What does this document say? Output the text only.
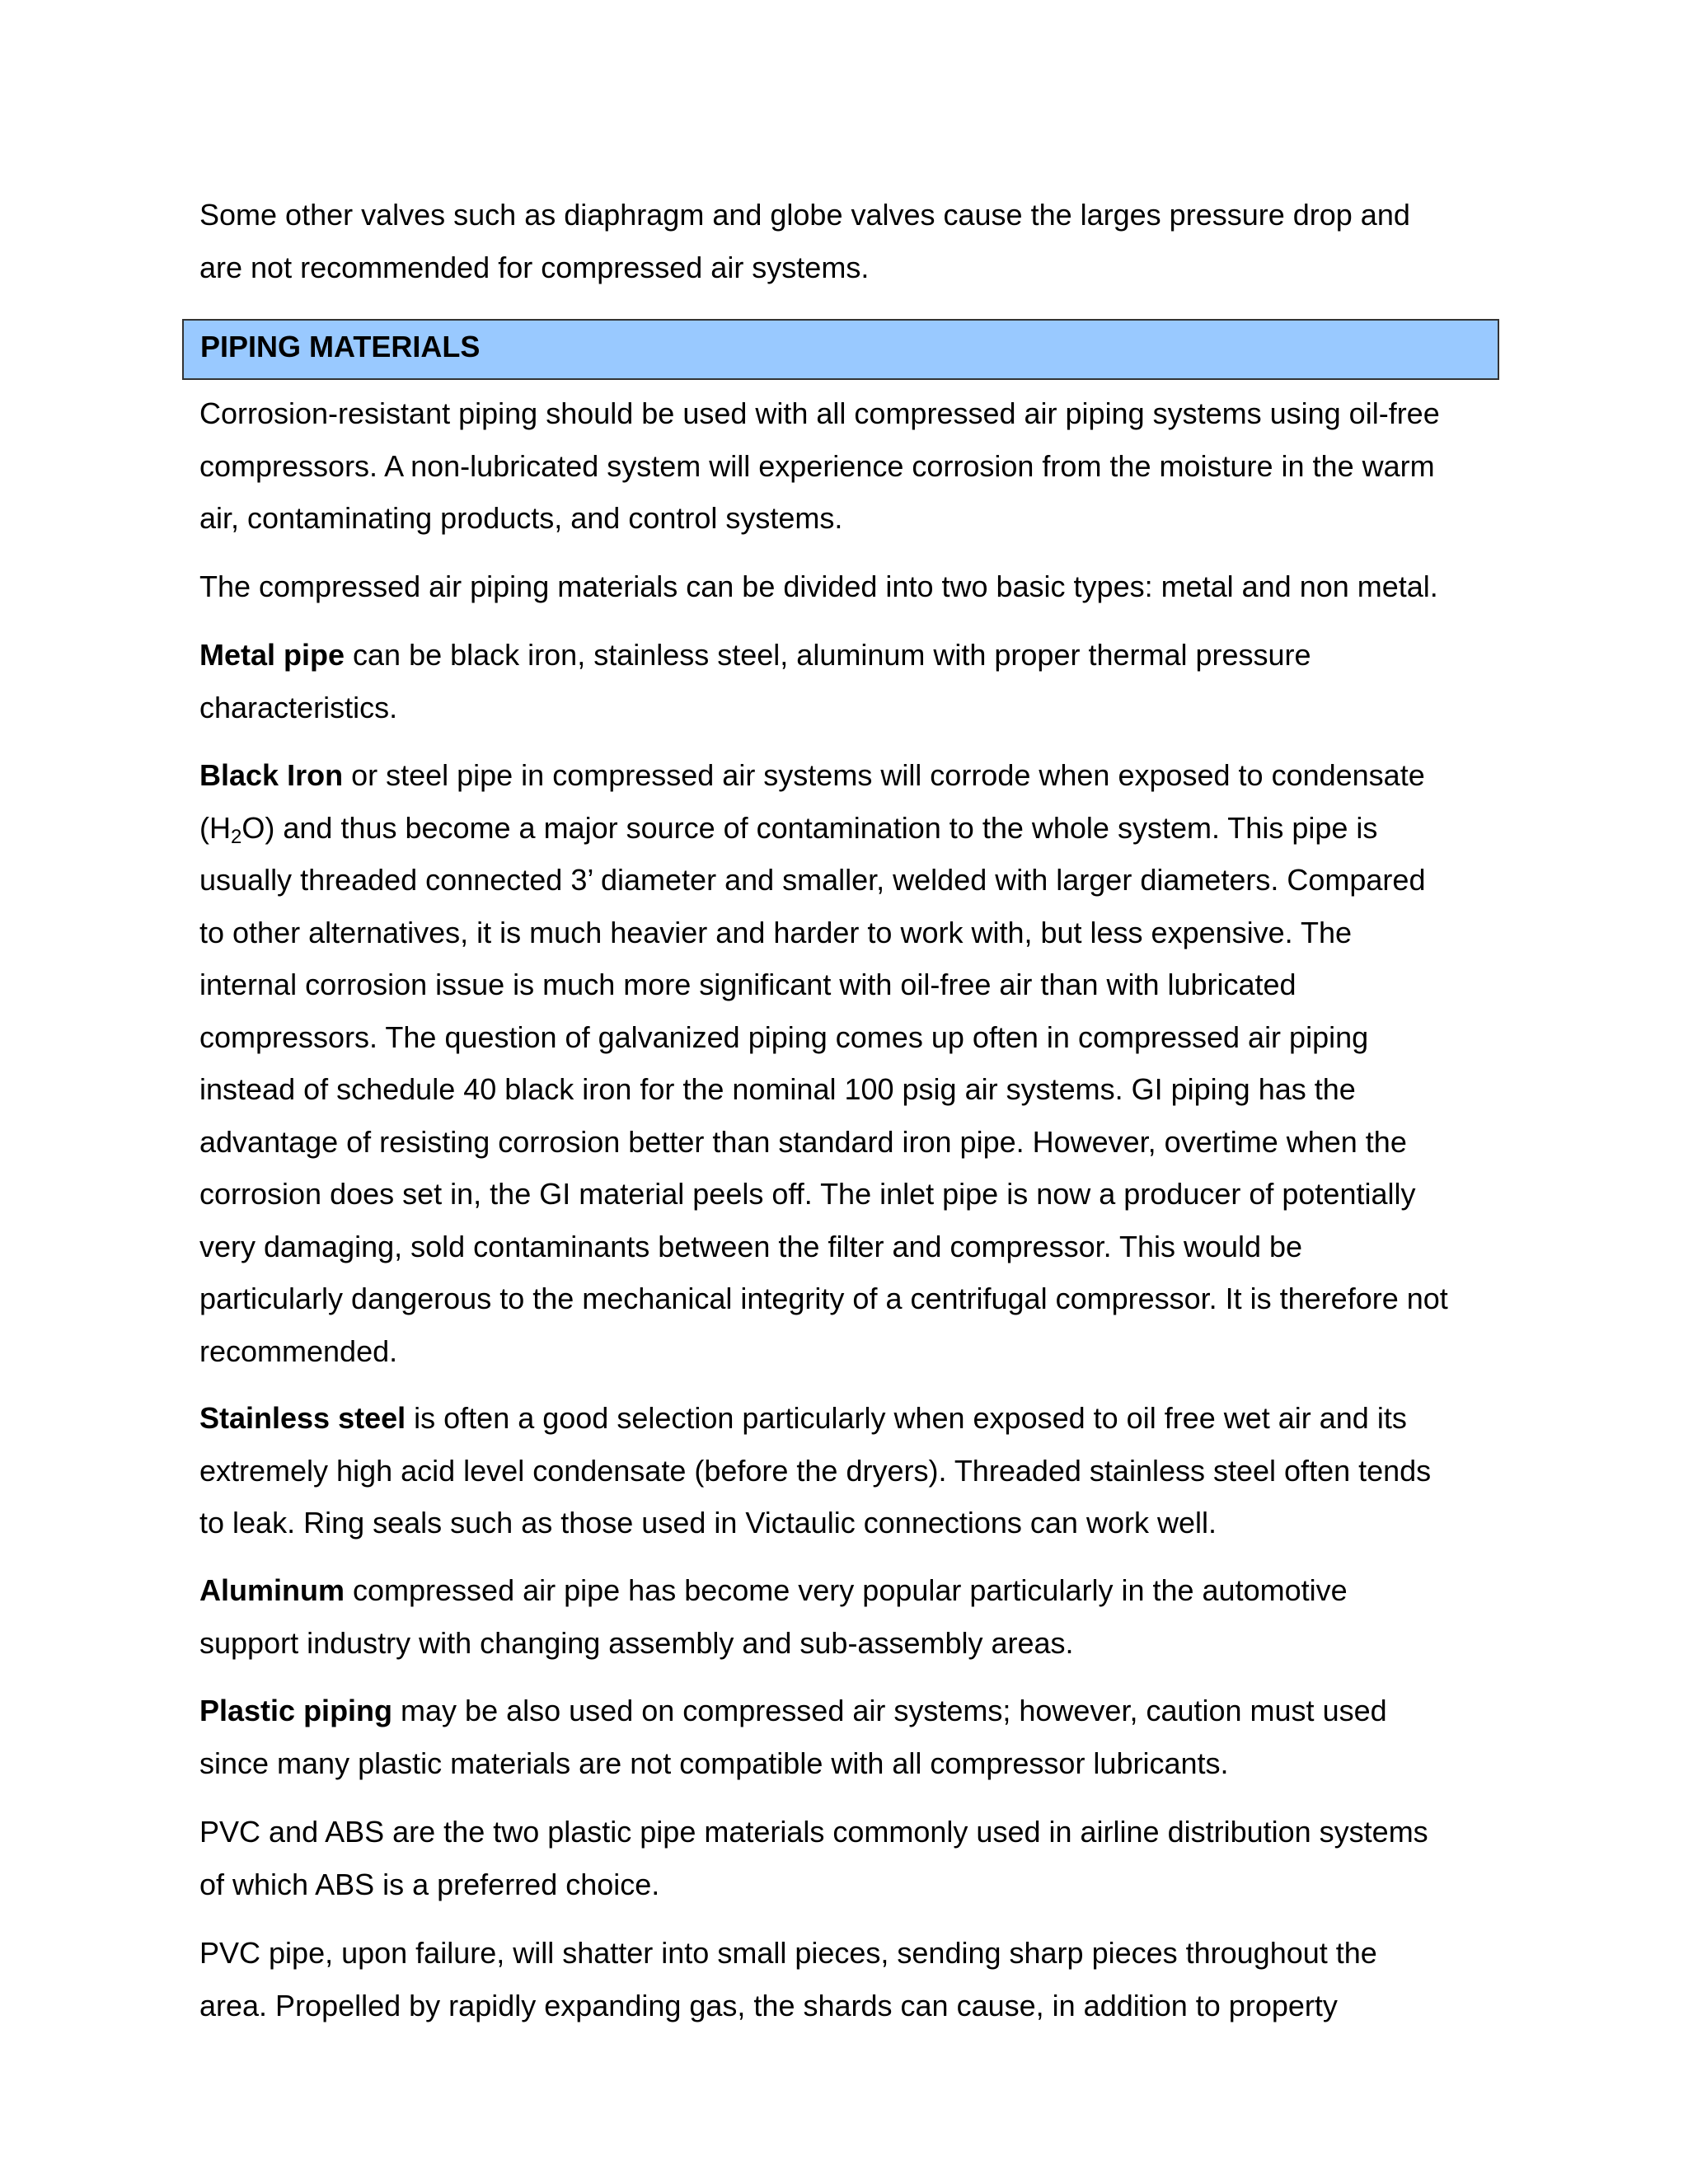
Some other valves such as diaphragm and globe valves cause the larges pressure drop and
are not recommended for compressed air systems.
PIPING MATERIALS
Corrosion-resistant piping should be used with all compressed air piping systems using oil-free
compressors. A non-lubricated system will experience corrosion from the moisture in the warm
air, contaminating products, and control systems.
The compressed air piping materials can be divided into two basic types: metal and non metal.
Metal pipe can be black iron, stainless steel, aluminum with proper thermal pressure
characteristics.
Black Iron or steel pipe in compressed air systems will corrode when exposed to condensate
$(H_2O)$ and thus become a major source of contamination to the whole system. This pipe is
usually threaded connected 3’ diameter and smaller, welded with larger diameters. Compared
to other alternatives, it is much heavier and harder to work with, but less expensive. The
internal corrosion issue is much more significant with oil-free air than with lubricated
compressors. The question of galvanized piping comes up often in compressed air piping
instead of schedule 40 black iron for the nominal 100 psig air systems. GI piping has the
advantage of resisting corrosion better than standard iron pipe. However, overtime when the
corrosion does set in, the GI material peels off. The inlet pipe is now a producer of potentially
very damaging, sold contaminants between the filter and compressor. This would be
particularly dangerous to the mechanical integrity of a centrifugal compressor. It is therefore not
recommended.
Stainless steel is often a good selection particularly when exposed to oil free wet air and its
extremely high acid level condensate (before the dryers). Threaded stainless steel often tends
to leak. Ring seals such as those used in Victaulic connections can work well.
Aluminum compressed air pipe has become very popular particularly in the automotive
support industry with changing assembly and sub-assembly areas.
Plastic piping may be also used on compressed air systems; however, caution must used
since many plastic materials are not compatible with all compressor lubricants.
PVC and ABS are the two plastic pipe materials commonly used in airline distribution systems
of which ABS is a preferred choice.
PVC pipe, upon failure, will shatter into small pieces, sending sharp pieces throughout the
area. Propelled by rapidly expanding gas, the shards can cause, in addition to property
